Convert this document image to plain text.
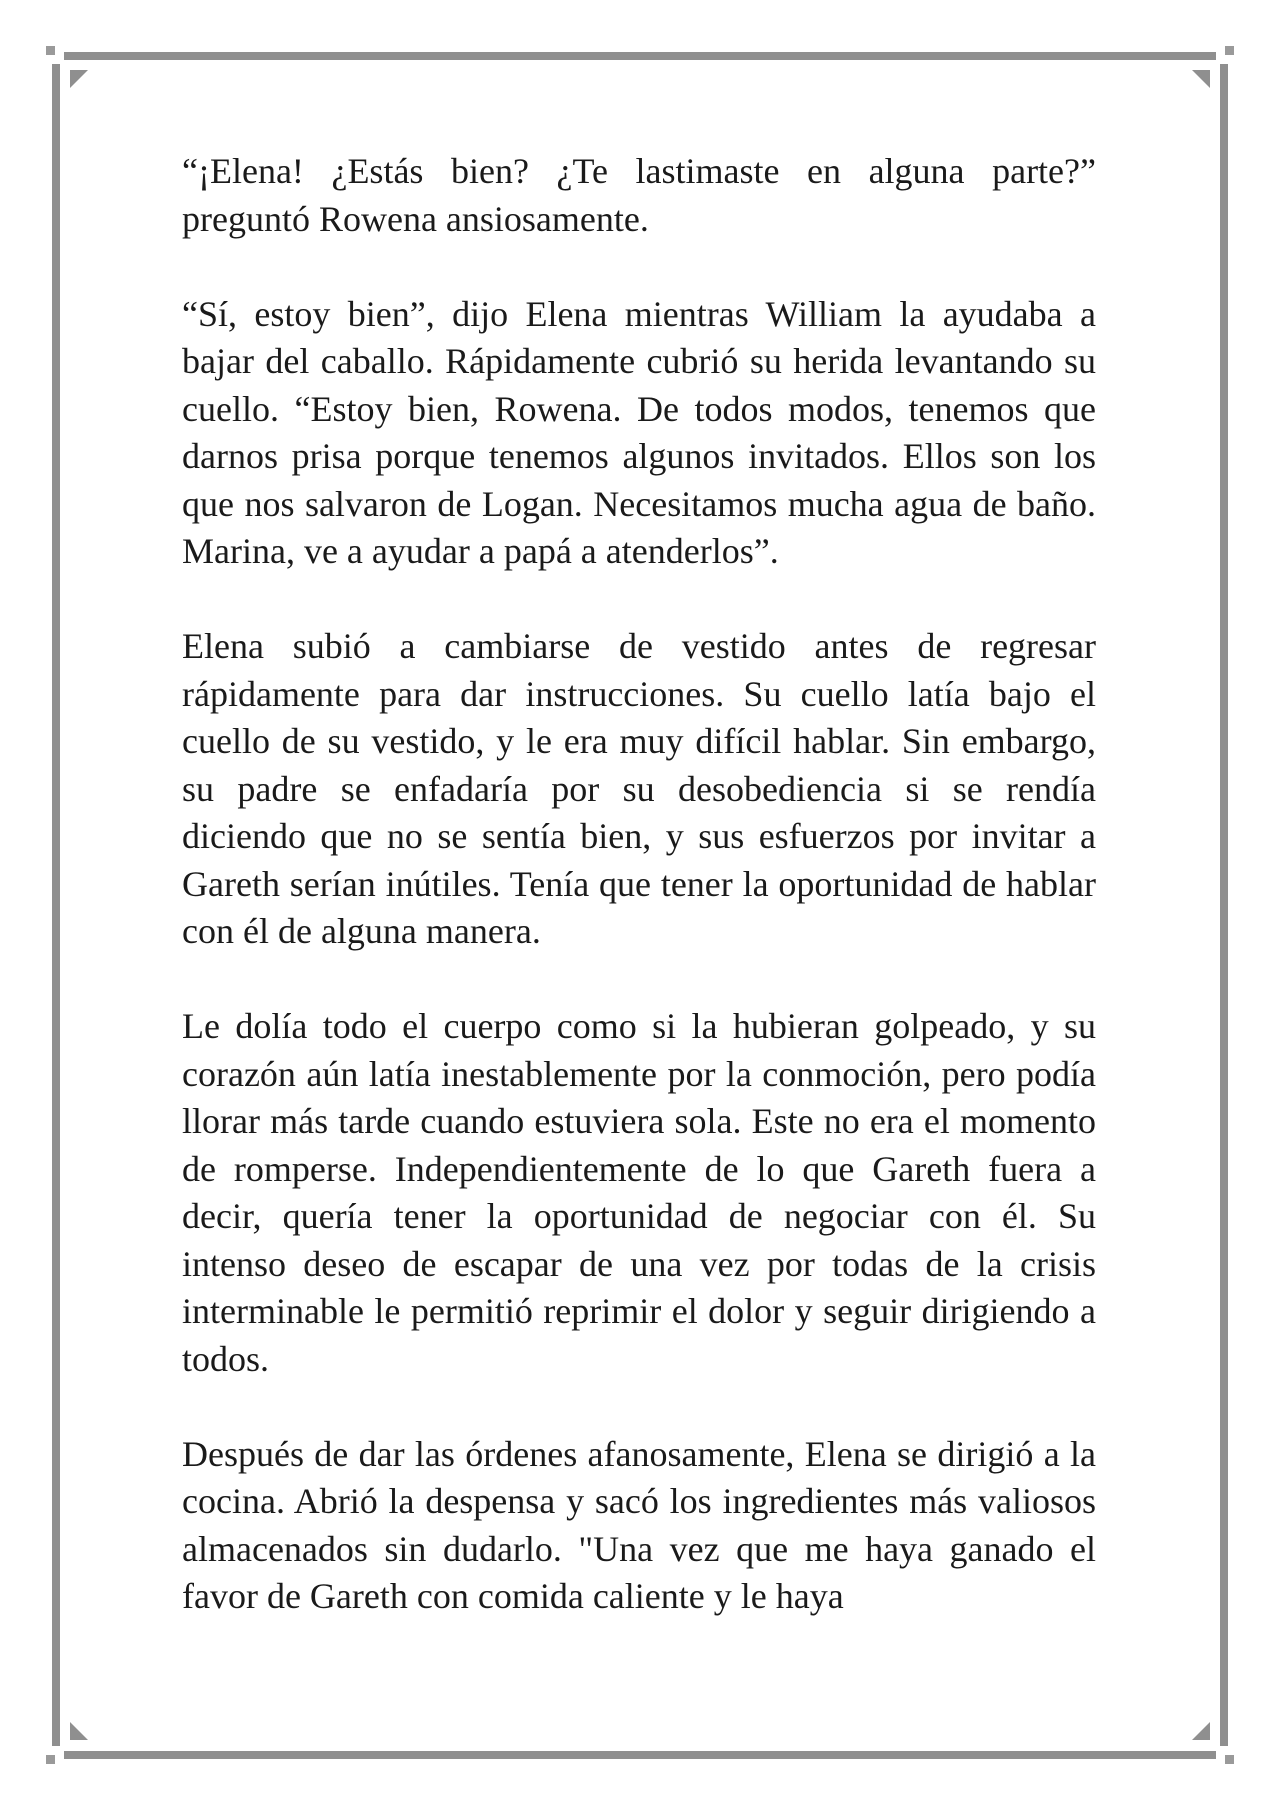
“¡Elena! ¿Estás bien? ¿Te lastimaste en alguna parte?” preguntó Rowena ansiosamente.

“Sí, estoy bien”, dijo Elena mientras William la ayudaba a bajar del caballo. Rápidamente cubrió su herida levantando su cuello. “Estoy bien, Rowena. De todos modos, tenemos que darnos prisa porque tenemos algunos invitados. Ellos son los que nos salvaron de Logan. Necesitamos mucha agua de baño. Marina, ve a ayudar a papá a atenderlos”.

Elena subió a cambiarse de vestido antes de regresar rápidamente para dar instrucciones. Su cuello latía bajo el cuello de su vestido, y le era muy difícil hablar. Sin embargo, su padre se enfadaría por su desobediencia si se rendía diciendo que no se sentía bien, y sus esfuerzos por invitar a Gareth serían inútiles. Tenía que tener la oportunidad de hablar con él de alguna manera.

Le dolía todo el cuerpo como si la hubieran golpeado, y su corazón aún latía inestablemente por la conmoción, pero podía llorar más tarde cuando estuviera sola. Este no era el momento de romperse. Independientemente de lo que Gareth fuera a decir, quería tener la oportunidad de negociar con él. Su intenso deseo de escapar de una vez por todas de la crisis interminable le permitió reprimir el dolor y seguir dirigiendo a todos.

Después de dar las órdenes afanosamente, Elena se dirigió a la cocina. Abrió la despensa y sacó los ingredientes más valiosos almacenados sin dudarlo. "Una vez que me haya ganado el favor de Gareth con comida caliente y le haya
